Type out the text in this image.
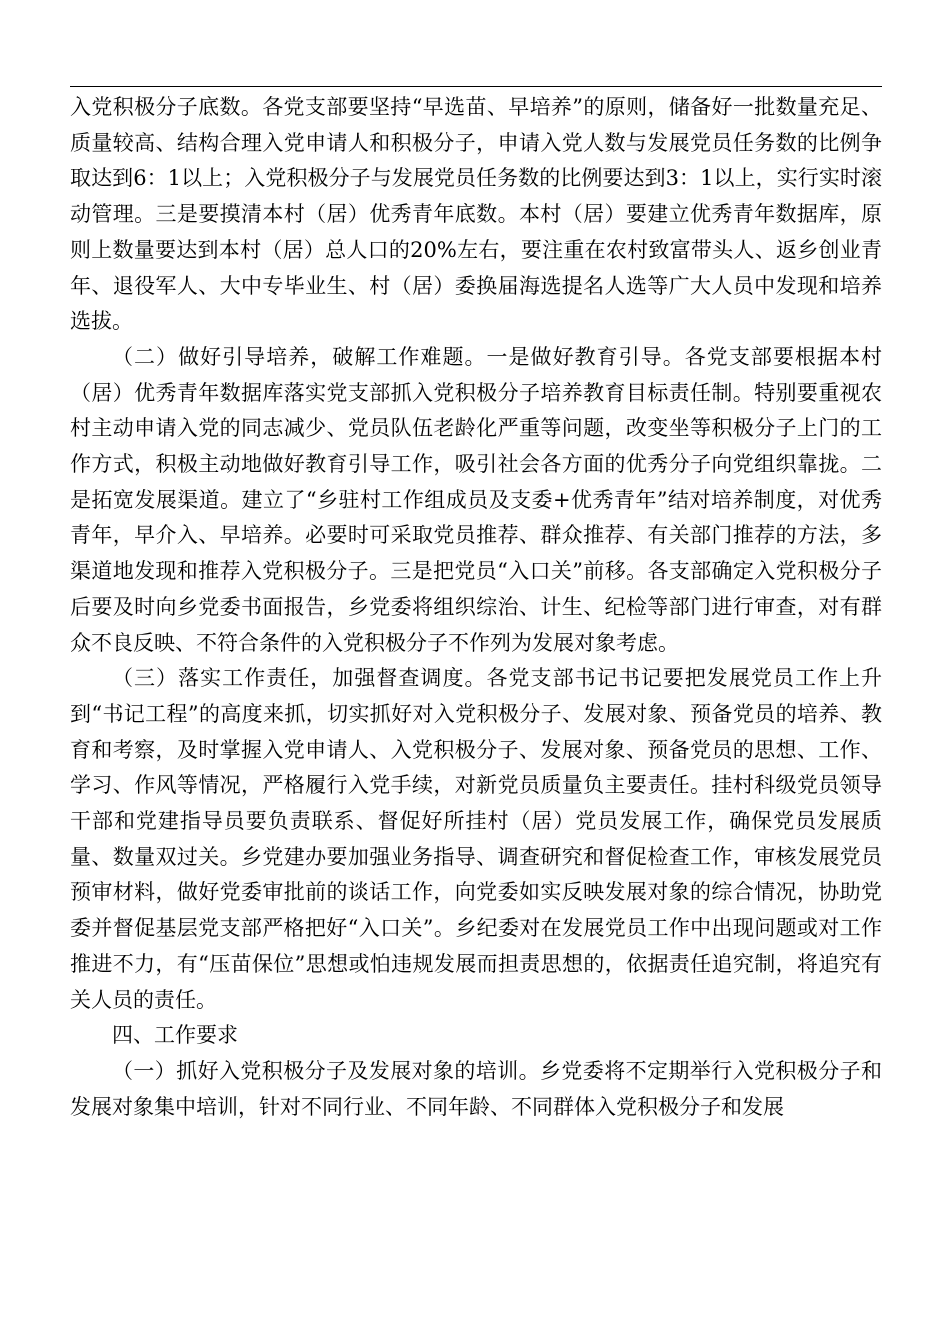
入党积极分子底数。各党支部要坚持“早选苗、早培养”的原则，储备好一批数量充足、质量较高、结构合理入党申请人和积极分子，申请入党人数与发展党员任务数的比例争取达到6：1以上；入党积极分子与发展党员任务数的比例要达到3：1以上，实行实时滚动管理。三是要摸清本村（居）优秀青年底数。本村（居）要建立优秀青年数据库，原则上数量要达到本村（居）总人口的20%左右，要注重在农村致富带头人、返乡创业青年、退役军人、大中专毕业生、村（居）委换届海选提名人选等广大人员中发现和培养选拔。

（二）做好引导培养，破解工作难题。一是做好教育引导。各党支部要根据本村（居）优秀青年数据库落实党支部抓入党积极分子培养教育目标责任制。特别要重视农村主动申请入党的同志减少、党员队伍老龄化严重等问题，改变坐等积极分子上门的工作方式，积极主动地做好教育引导工作，吸引社会各方面的优秀分子向党组织靠拢。二是拓宽发展渠道。建立了“乡驻村工作组成员及支委+优秀青年”结对培养制度，对优秀青年，早介入、早培养。必要时可采取党员推荐、群众推荐、有关部门推荐的方法，多渠道地发现和推荐入党积极分子。三是把党员“入口关”前移。各支部确定入党积极分子后要及时向乡党委书面报告，乡党委将组织综治、计生、纪检等部门进行审查，对有群众不良反映、不符合条件的入党积极分子不作列为发展对象考虑。

（三）落实工作责任，加强督查调度。各党支部书记书记要把发展党员工作上升到“书记工程”的高度来抓，切实抓好对入党积极分子、发展对象、预备党员的培养、教育和考察，及时掌握入党申请人、入党积极分子、发展对象、预备党员的思想、工作、学习、作风等情况，严格履行入党手续，对新党员质量负主要责任。挂村科级党员领导干部和党建指导员要负责联系、督促好所挂村（居）党员发展工作，确保党员发展质量、数量双过关。乡党建办要加强业务指导、调查研究和督促检查工作，审核发展党员预审材料，做好党委审批前的谈话工作，向党委如实反映发展对象的综合情况，协助党委并督促基层党支部严格把好“入口关”。乡纪委对在发展党员工作中出现问题或对工作推进不力，有“压苗保位”思想或怕违规发展而担责思想的，依据责任追究制，将追究有关人员的责任。

四、工作要求

（一）抓好入党积极分子及发展对象的培训。乡党委将不定期举行入党积极分子和发展对象集中培训，针对不同行业、不同年龄、不同群体入党积极分子和发展
